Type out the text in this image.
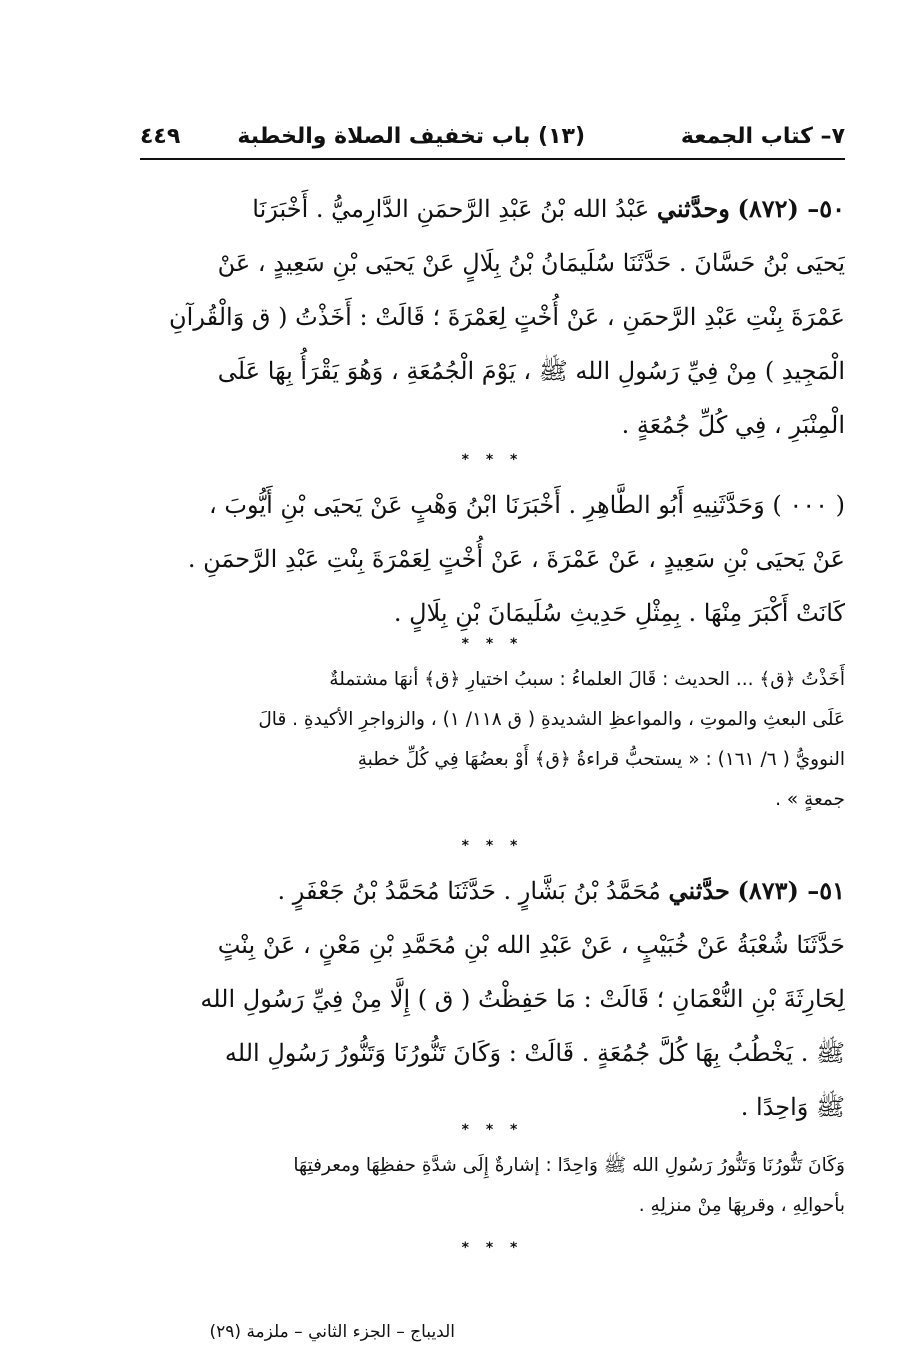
٧– كتاب الجمعة
(١٣) باب تخفيف الصلاة والخطبة
٤٤٩
٥٠– (٨٧٢) وحدَّثني عَبْدُ الله بْنُ عَبْدِ الرَّحمَنِ الدَّارِميُّ . أَخْبَرَنَا
يَحيَى بْنُ حَسَّانَ . حَدَّثَنَا سُلَيمَانُ بْنُ بِلَالٍ عَنْ يَحيَى بْنِ سَعِيدٍ ، عَنْ
عَمْرَةَ بِنْتِ عَبْدِ الرَّحمَنِ ، عَنْ أُخْتٍ لِعَمْرَةَ ؛ قَالَتْ : أَخَذْتُ ( ق وَالْقُرآنِ
الْمَجِيدِ ) مِنْ فِيِّ رَسُولِ الله ﷺ ، يَوْمَ الْجُمُعَةِ ، وَهُوَ يَقْرَأُ بِهَا عَلَى
الْمِنْبَرِ ، فِي كُلِّ جُمُعَةٍ .
* * *
( ٠٠٠ ) وَحَدَّثَنِيهِ أَبُو الطَّاهِرِ . أَخْبَرَنَا ابْنُ وَهْبٍ عَنْ يَحيَى بْنِ أَيُّوبَ ،
عَنْ يَحيَى بْنِ سَعِيدٍ ، عَنْ عَمْرَةَ ، عَنْ أُخْتٍ لِعَمْرَةَ بِنْتِ عَبْدِ الرَّحمَنِ .
كَانَتْ أَكْبَرَ مِنْهَا . بِمِثْلِ حَدِيثِ سُلَيمَانَ بْنِ بِلَالٍ .
* * *
أَخَذْتُ ﴿ق﴾ ... الحديث : قَالَ العلماءُ : سببُ اختيارِ ﴿ق﴾ أنهَا مشتملةٌ
عَلَى البعثِ والموتِ ، والمواعظِ الشديدةِ ( ق ١١٨/ ١) ، والزواجرِ الأكيدةِ . قالَ
النوويُّ ( ٦/ ١٦١) : « يستحبُّ قراءةُ ﴿ق﴾ أَوْ بعضُهَا فِي كُلِّ خطبةِ
جمعةٍ » .
* * *
٥١– (٨٧٣) حدَّثني مُحَمَّدُ بْنُ بَشَّارٍ . حَدَّثَنَا مُحَمَّدُ بْنُ جَعْفَرٍ .
حَدَّثَنَا شُعْبَةُ عَنْ خُبَيْبٍ ، عَنْ عَبْدِ الله بْنِ مُحَمَّدِ بْنِ مَعْنٍ ، عَنْ بِنْتٍ
لِحَارِثَةَ بْنِ النُّعْمَانِ ؛ قَالَتْ : مَا حَفِظْتُ ( ق ) إِلَّا مِنْ فِيِّ رَسُولِ الله
ﷺ . يَخْطُبُ بِهَا كُلَّ جُمُعَةٍ . قَالَتْ : وَكَانَ تَنُّورُنَا وَتَنُّورُ رَسُولِ الله
ﷺ وَاحِدًا .
* * *
وَكَانَ تَنُّورُنَا وَتَنُّورُ رَسُولِ الله ﷺ وَاحِدًا : إشارةٌ إِلَى شدَّةِ حفظِهَا ومعرفتِهَا
بأحوالِهِ ، وقربِهَا مِنْ منزلِهِ .
* * *
الديباج – الجزء الثاني – ملزمة (٢٩)
